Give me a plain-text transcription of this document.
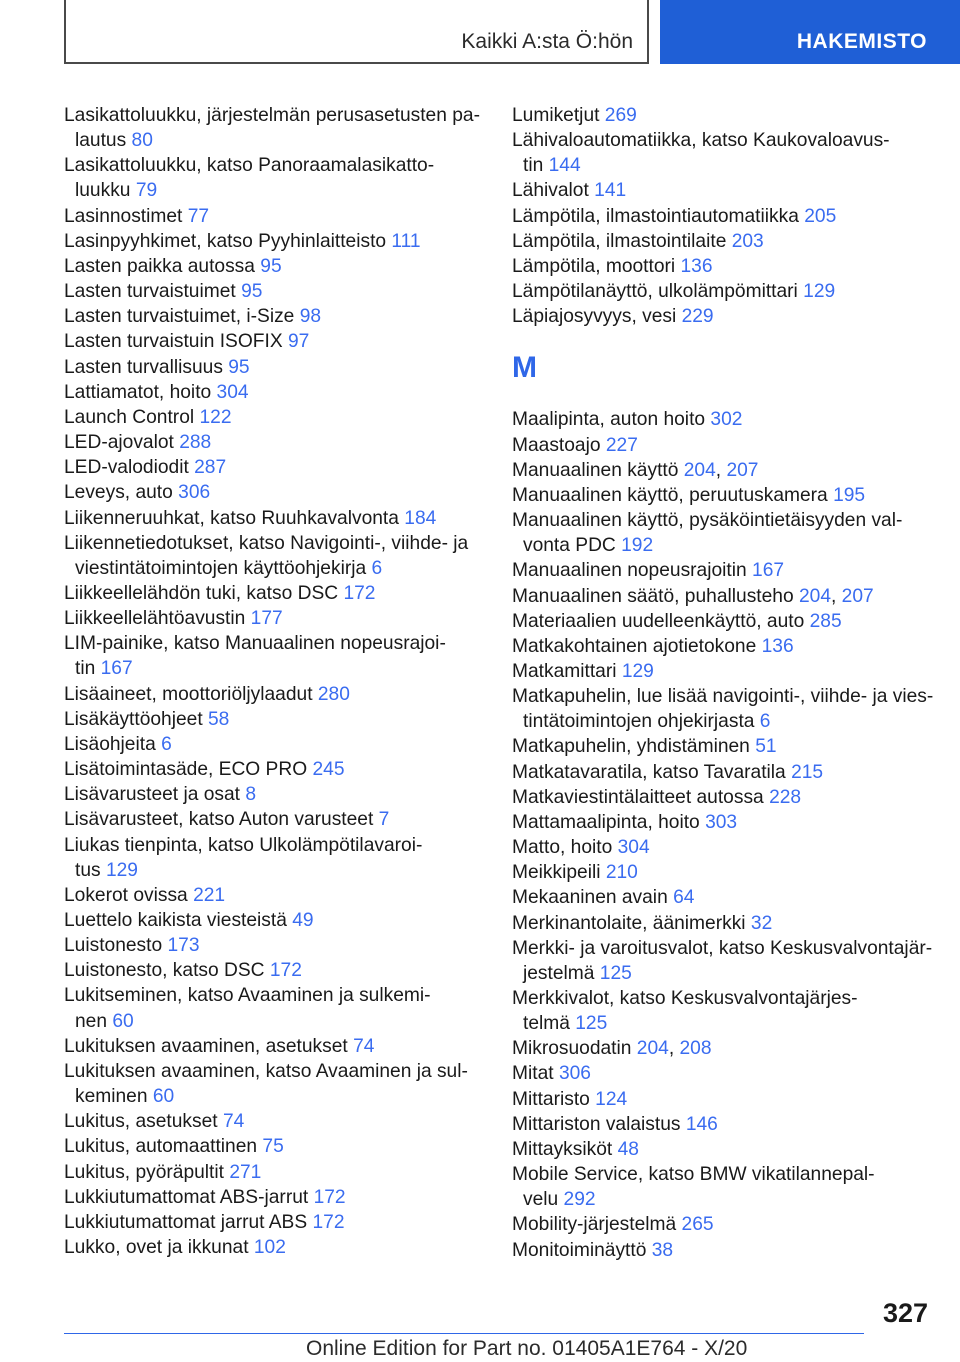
Kaikki A:sta Ö:hön	HAKEMISTO
Lasikattoluukku, järjestelmän perusasetusten pa-
lautus 80
Lasikattoluukku, katso Panoraamalasikatto-
luukku 79
Lasinnostimet 77
Lasinpyyhkimet, katso Pyyhinlaitteisto 111
Lasten paikka autossa 95
Lasten turvaistuimet 95
Lasten turvaistuimet, i-Size 98
Lasten turvaistuin ISOFIX 97
Lasten turvallisuus 95
Lattiamatot, hoito 304
Launch Control 122
LED-ajovalot 288
LED-valodiodit 287
Leveys, auto 306
Liikenneruuhkat, katso Ruuhkavalvonta 184
Liikennetiedotukset, katso Navigointi-, viihde- ja
viestintätoimintojen käyttöohjekirja 6
Liikkeellelähdön tuki, katso DSC 172
Liikkeellelähtöavustin 177
LIM-painike, katso Manuaalinen nopeusrajoi-
tin 167
Lisäaineet, moottoriöljylaadut 280
Lisäkäyttöohjeet 58
Lisäohjeita 6
Lisätoimintasäde, ECO PRO 245
Lisävarusteet ja osat 8
Lisävarusteet, katso Auton varusteet 7
Liukas tienpinta, katso Ulkolämpötilavaroi-
tus 129
Lokerot ovissa 221
Luettelo kaikista viesteistä 49
Luistonesto 173
Luistonesto, katso DSC 172
Lukitseminen, katso Avaaminen ja sulkemi-
nen 60
Lukituksen avaaminen, asetukset 74
Lukituksen avaaminen, katso Avaaminen ja sul-
keminen 60
Lukitus, asetukset 74
Lukitus, automaattinen 75
Lukitus, pyöräpultit 271
Lukkiutumattomat ABS-jarrut 172
Lukkiutumattomat jarrut ABS 172
Lukko, ovet ja ikkunat 102
Lumiketjut 269
Lähivaloautomatiikka, katso Kaukovaloavus-
tin 144
Lähivalot 141
Lämpötila, ilmastointiautomatiikka 205
Lämpötila, ilmastointilaite 203
Lämpötila, moottori 136
Lämpötilanäyttö, ulkolämpömittari 129
Läpiajosyvyys, vesi 229
M
Maalipinta, auton hoito 302
Maastoajo 227
Manuaalinen käyttö 204, 207
Manuaalinen käyttö, peruutuskamera 195
Manuaalinen käyttö, pysäköintietäisyyden val-
vonta PDC 192
Manuaalinen nopeusrajoitin 167
Manuaalinen säätö, puhallusteho 204, 207
Materiaalien uudelleenkäyttö, auto 285
Matkakohtainen ajotietokone 136
Matkamittari 129
Matkapuhelin, lue lisää navigointi-, viihde- ja vies-
tintätoimintojen ohjekirjasta 6
Matkapuhelin, yhdistäminen 51
Matkatavaratila, katso Tavaratila 215
Matkaviestintälaitteet autossa 228
Mattamaalipinta, hoito 303
Matto, hoito 304
Meikkipeili 210
Mekaaninen avain 64
Merkinantolaite, äänimerkki 32
Merkki- ja varoitusvalot, katso Keskusvalvontajär-
jestelmä 125
Merkkivalot, katso Keskusvalvontajärjes-
telmä 125
Mikrosuodatin 204, 208
Mitat 306
Mittaristo 124
Mittariston valaistus 146
Mittayksiköt 48
Mobile Service, katso BMW vikatilannepal-
velu 292
Mobility-järjestelmä 265
Monitoiminäyttö 38
327
Online Edition for Part no. 01405A1E764 - X/20
